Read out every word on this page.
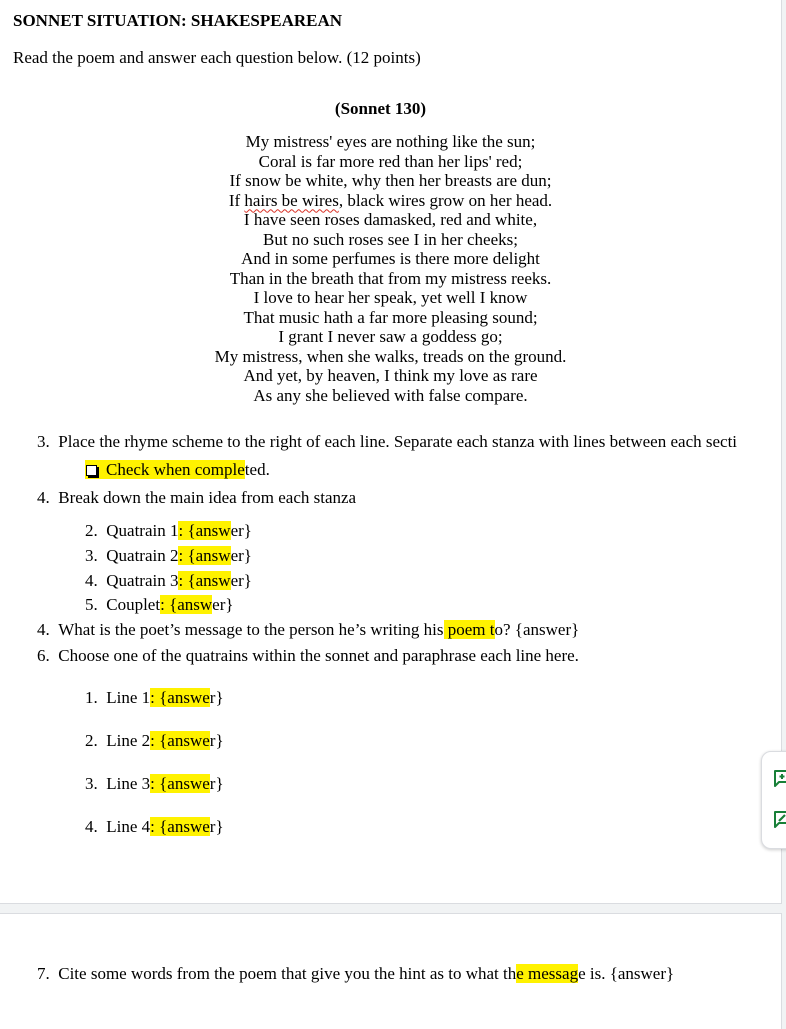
SONNET SITUATION: SHAKESPEAREAN
Read the poem and answer each question below. (12 points)
(Sonnet 130)
My mistress' eyes are nothing like the sun;
Coral is far more red than her lips' red;
If snow be white, why then her breasts are dun;
If hairs be wires, black wires grow on her head.
I have seen roses damasked, red and white,
But no such roses see I in her cheeks;
And in some perfumes is there more delight
Than in the breath that from my mistress reeks.
I love to hear her speak, yet well I know
That music hath a far more pleasing sound;
I grant I never saw a goddess go;
My mistress, when she walks, treads on the ground.
And yet, by heaven, I think my love as rare
As any she believed with false compare.
3. Place the rhyme scheme to the right of each line. Separate each stanza with lines between each secti
Check when completed.
4. Break down the main idea from each stanza
2. Quatrain 1: {answer}
3. Quatrain 2: {answer}
4. Quatrain 3: {answer}
5. Couplet: {answer}
4. What is the poet’s message to the person he’s writing his poem to? {answer}
6. Choose one of the quatrains within the sonnet and paraphrase each line here.
1. Line 1: {answer}
2. Line 2: {answer}
3. Line 3: {answer}
4. Line 4: {answer}
7. Cite some words from the poem that give you the hint as to what the message is. {answer}
